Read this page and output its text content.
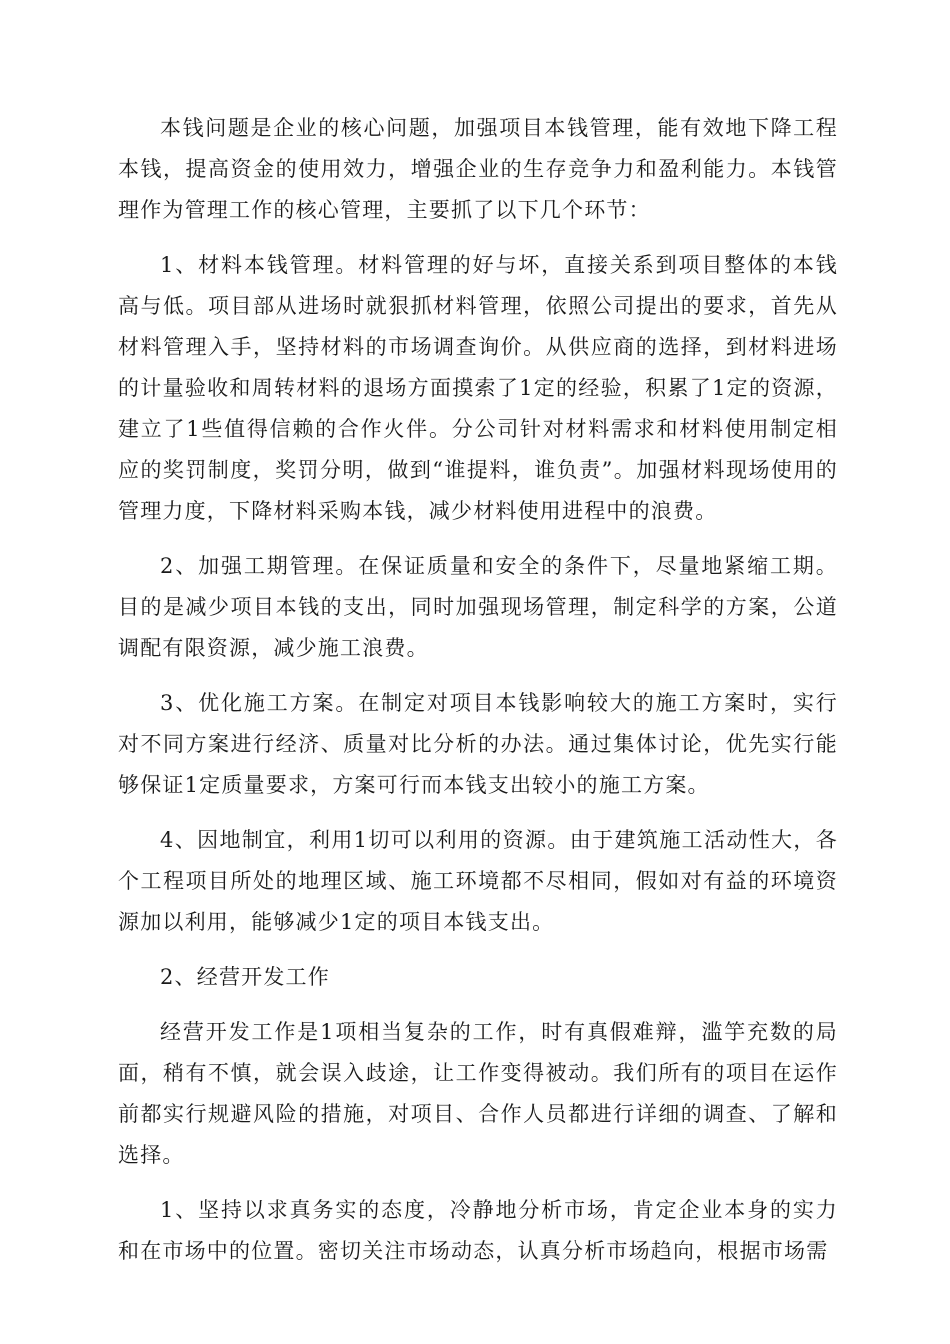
本钱问题是企业的核心问题，加强项目本钱管理，能有效地下降工程本钱，提高资金的使用效力，增强企业的生存竞争力和盈利能力。本钱管理作为管理工作的核心管理，主要抓了以下几个环节：

1、材料本钱管理。材料管理的好与坏，直接关系到项目整体的本钱高与低。项目部从进场时就狠抓材料管理，依照公司提出的要求，首先从材料管理入手，坚持材料的市场调查询价。从供应商的选择，到材料进场的计量验收和周转材料的退场方面摸索了1定的经验，积累了1定的资源，建立了1些值得信赖的合作火伴。分公司针对材料需求和材料使用制定相应的奖罚制度，奖罚分明，做到“谁提料，谁负责”。加强材料现场使用的管理力度，下降材料采购本钱，减少材料使用进程中的浪费。

2、加强工期管理。在保证质量和安全的条件下，尽量地紧缩工期。目的是减少项目本钱的支出，同时加强现场管理，制定科学的方案，公道调配有限资源，减少施工浪费。

3、优化施工方案。在制定对项目本钱影响较大的施工方案时，实行对不同方案进行经济、质量对比分析的办法。通过集体讨论，优先实行能够保证1定质量要求，方案可行而本钱支出较小的施工方案。

4、因地制宜，利用1切可以利用的资源。由于建筑施工活动性大，各个工程项目所处的地理区域、施工环境都不尽相同，假如对有益的环境资源加以利用，能够减少1定的项目本钱支出。

2、经营开发工作

经营开发工作是1项相当复杂的工作，时有真假难辩，滥竽充数的局面，稍有不慎，就会误入歧途，让工作变得被动。我们所有的项目在运作前都实行规避风险的措施，对项目、合作人员都进行详细的调查、了解和选择。

1、坚持以求真务实的态度，冷静地分析市场，肯定企业本身的实力和在市场中的位置。密切关注市场动态，认真分析市场趋向，根据市场需
